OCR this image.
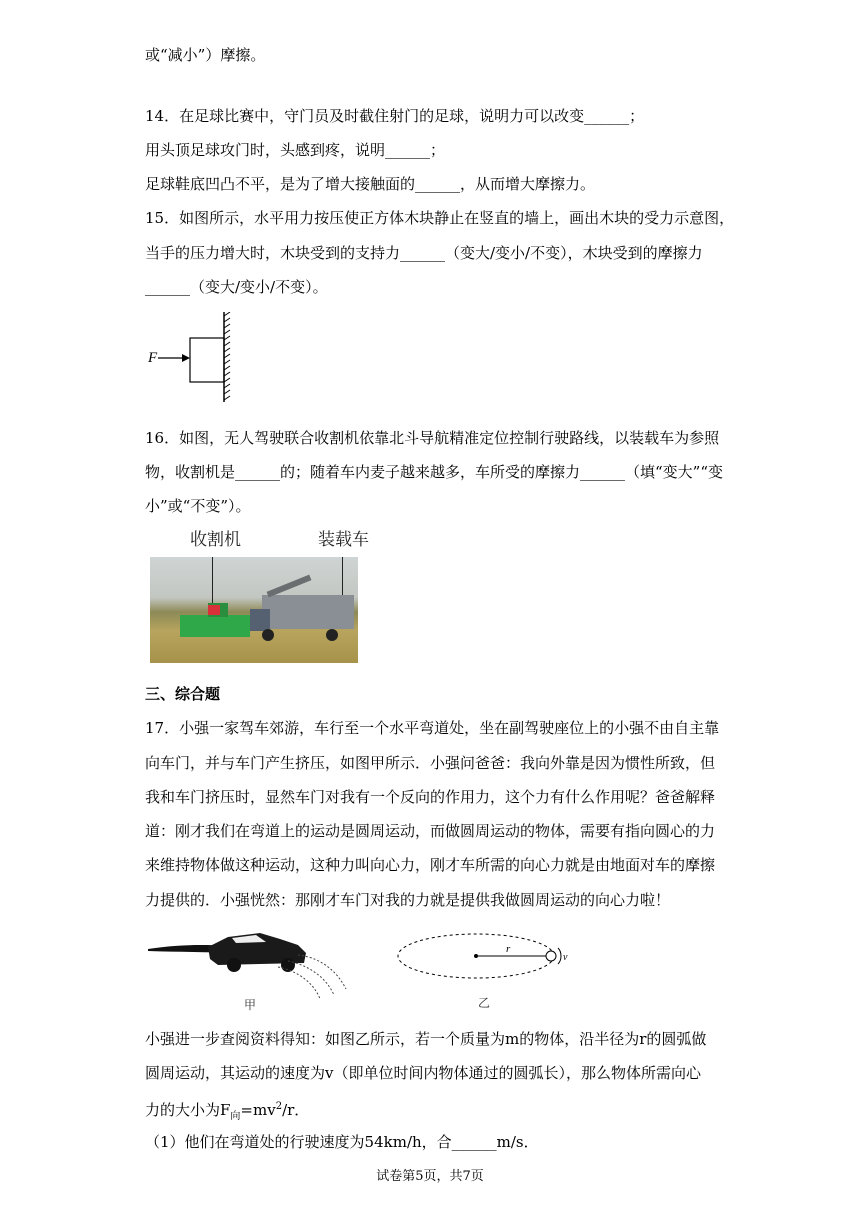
或“减小”）摩擦。
14．在足球比赛中，守门员及时截住射门的足球，说明力可以改变______；
用头顶足球攻门时，头感到疼，说明______；
足球鞋底凹凸不平，是为了增大接触面的______，从而增大摩擦力。
15．如图所示，水平用力按压使正方体木块静止在竖直的墙上，画出木块的受力示意图，
当手的压力增大时，木块受到的支持力______（变大/变小/不变），木块受到的摩擦力
______（变大/变小/不变）。
F
16．如图，无人驾驶联合收割机依靠北斗导航精准定位控制行驶路线，以装载车为参照
物，收割机是______的；随着车内麦子越来越多，车所受的摩擦力______（填“变大”“变
小”或“不变”）。
收割机	装载车
三、综合题
17．小强一家驾车郊游，车行至一个水平弯道处，坐在副驾驶座位上的小强不由自主靠
向车门，并与车门产生挤压，如图甲所示．小强问爸爸：我向外靠是因为惯性所致，但
我和车门挤压时，显然车门对我有一个反向的作用力，这个力有什么作用呢？爸爸解释
道：刚才我们在弯道上的运动是圆周运动，而做圆周运动的物体，需要有指向圆心的力
来维持物体做这种运动，这种力叫向心力，刚才车所需的向心力就是由地面对车的摩擦
力提供的．小强恍然：那刚才车门对我的力就是提供我做圆周运动的向心力啦！
甲
r
v
乙
小强进一步查阅资料得知：如图乙所示，若一个质量为m的物体，沿半径为r的圆弧做
圆周运动，其运动的速度为v（即单位时间内物体通过的圆弧长），那么物体所需向心
力的大小为$F_向=mv^2/r$．
（1）他们在弯道处的行驶速度为54km/h，合______m/s．
试卷第5页，共7页
